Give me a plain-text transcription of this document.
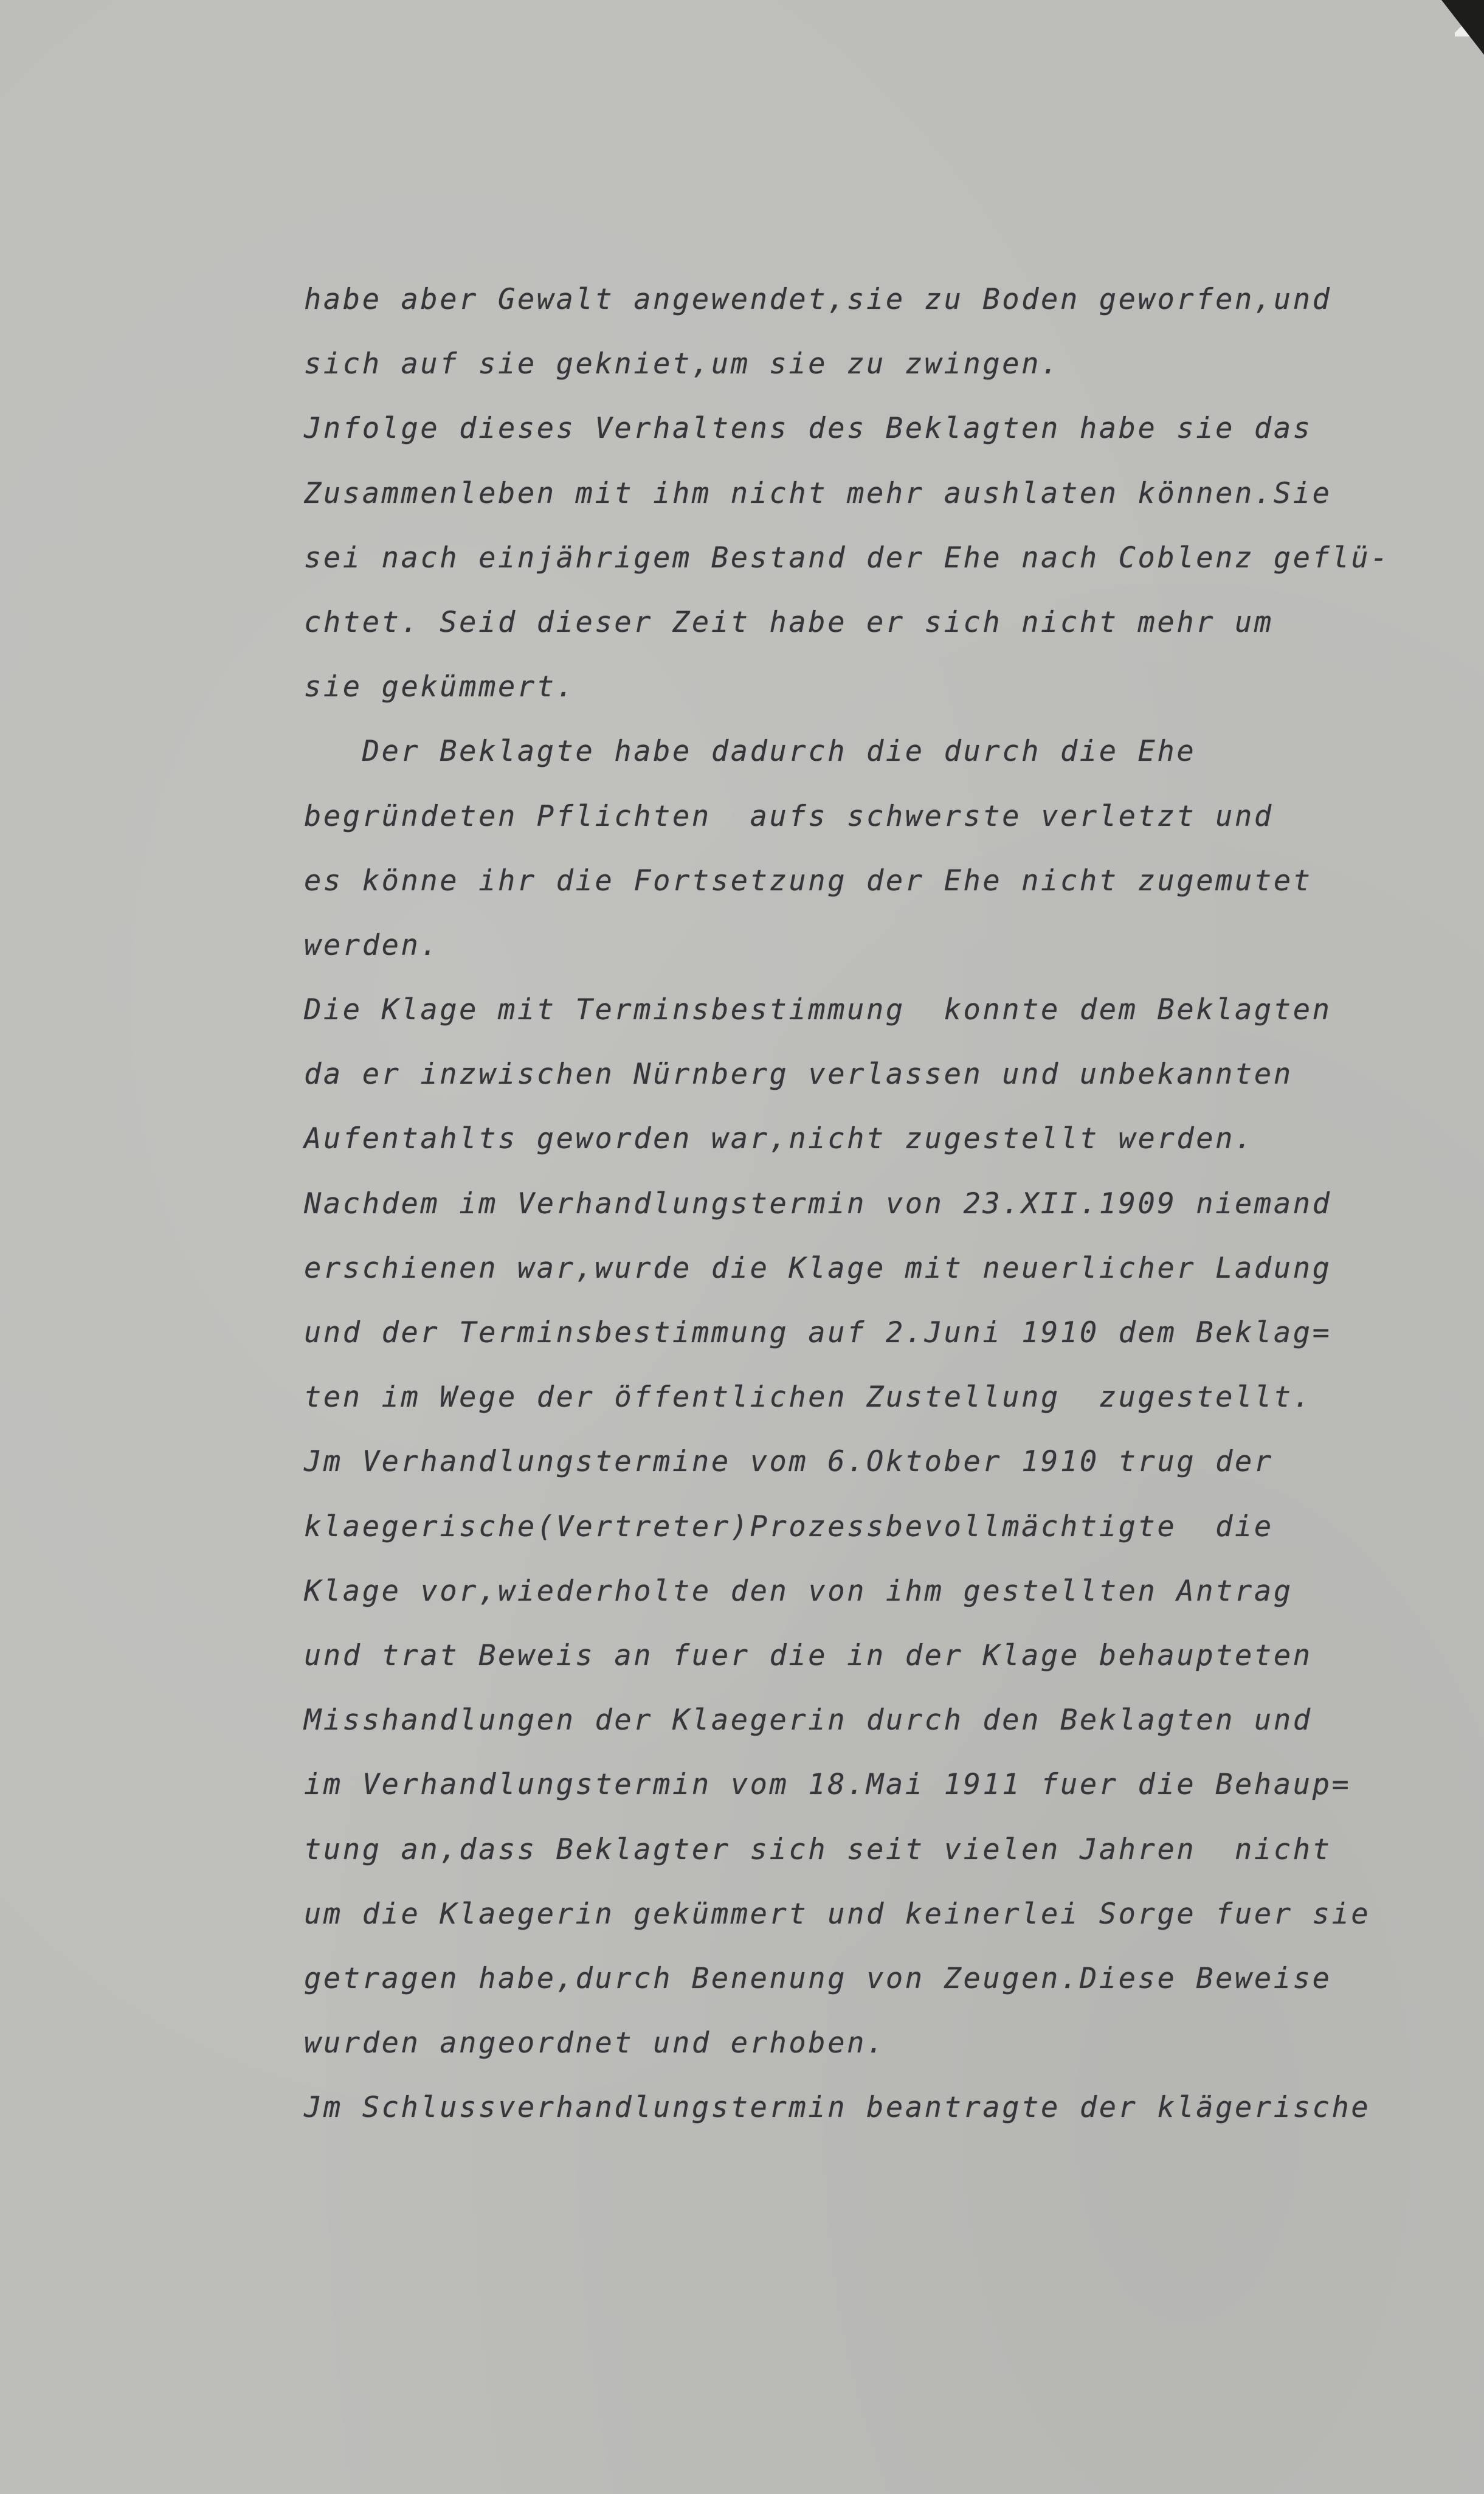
habe aber Gewalt angewendet,sie zu Boden geworfen,und
sich auf sie gekniet,um sie zu zwingen.
Jnfolge dieses Verhaltens des Beklagten habe sie das
Zusammenleben mit ihm nicht mehr aushlaten können.Sie
sei nach einjährigem Bestand der Ehe nach Coblenz geflü-
chtet. Seid dieser Zeit habe er sich nicht mehr um
sie gekümmert.
Der Beklagte habe dadurch die durch die Ehe
begründeten Pflichten  aufs schwerste verletzt und
es könne ihr die Fortsetzung der Ehe nicht zugemutet
werden.
Die Klage mit Terminsbestimmung  konnte dem Beklagten
da er inzwischen Nürnberg verlassen und unbekannten
Aufentahlts geworden war,nicht zugestellt werden.
Nachdem im Verhandlungstermin von 23.XII.1909 niemand
erschienen war,wurde die Klage mit neuerlicher Ladung
und der Terminsbestimmung auf 2.Juni 1910 dem Beklag=
ten im Wege der öffentlichen Zustellung  zugestellt.
Jm Verhandlungstermine vom 6.Oktober 1910 trug der
klaegerische(Vertreter)Prozessbevollmächtigte  die
Klage vor,wiederholte den von ihm gestellten Antrag
und trat Beweis an fuer die in der Klage behaupteten
Misshandlungen der Klaegerin durch den Beklagten und
im Verhandlungstermin vom 18.Mai 1911 fuer die Behaup=
tung an,dass Beklagter sich seit vielen Jahren  nicht
um die Klaegerin gekümmert und keinerlei Sorge fuer sie
getragen habe,durch Benenung von Zeugen.Diese Beweise
wurden angeordnet und erhoben.
Jm Schlussverhandlungstermin beantragte der klägerische
